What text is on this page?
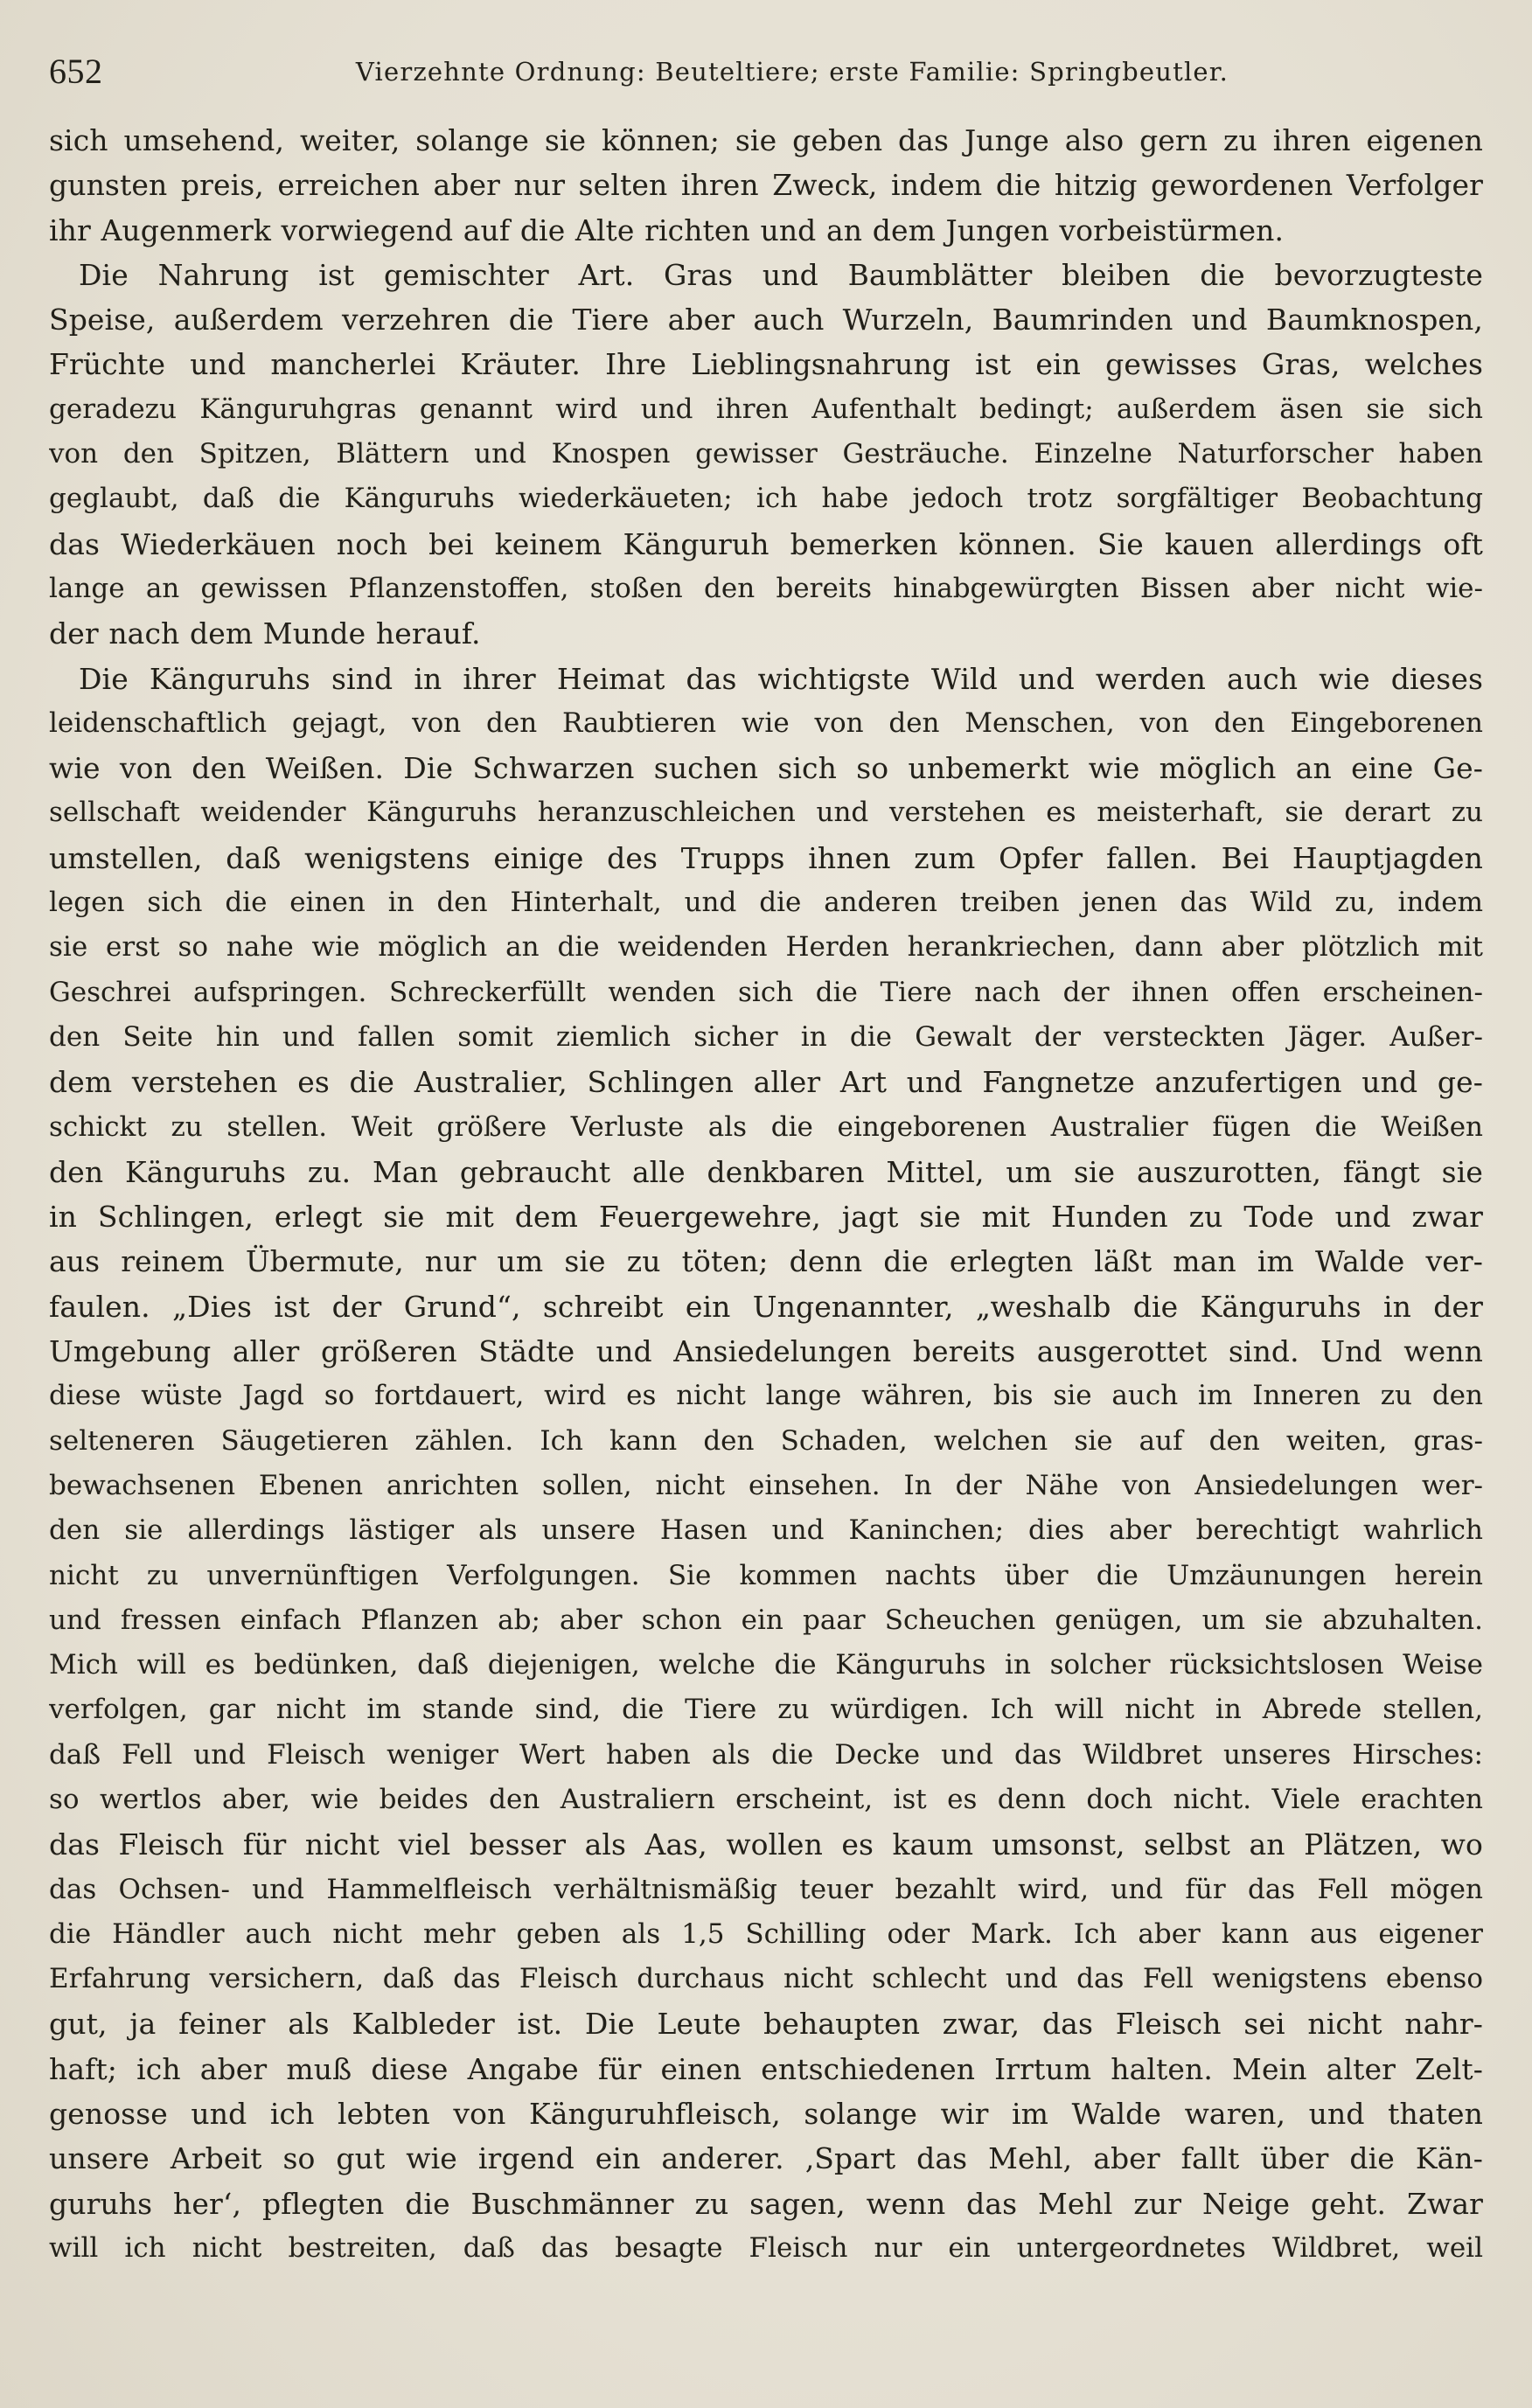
652	Vierzehnte Ordnung: Beuteltiere; erste Familie: Springbeutler.
sich umsehend, weiter, solange sie können; sie geben das Junge also gern zu ihren eigenen
gunsten preis, erreichen aber nur selten ihren Zweck, indem die hitzig gewordenen Verfolger
ihr Augenmerk vorwiegend auf die Alte richten und an dem Jungen vorbeistürmen.
Die Nahrung ist gemischter Art. Gras und Baumblätter bleiben die bevorzugteste
Speise, außerdem verzehren die Tiere aber auch Wurzeln, Baumrinden und Baumknospen,
Früchte und mancherlei Kräuter. Ihre Lieblingsnahrung ist ein gewisses Gras, welches
geradezu Känguruhgras genannt wird und ihren Aufenthalt bedingt; außerdem äsen sie sich
von den Spitzen, Blättern und Knospen gewisser Gesträuche. Einzelne Naturforscher haben
geglaubt, daß die Känguruhs wiederkäueten; ich habe jedoch trotz sorgfältiger Beobachtung
das Wiederkäuen noch bei keinem Känguruh bemerken können. Sie kauen allerdings oft
lange an gewissen Pflanzenstoffen, stoßen den bereits hinabgewürgten Bissen aber nicht wie-
der nach dem Munde herauf.
Die Känguruhs sind in ihrer Heimat das wichtigste Wild und werden auch wie dieses
leidenschaftlich gejagt, von den Raubtieren wie von den Menschen, von den Eingeborenen
wie von den Weißen. Die Schwarzen suchen sich so unbemerkt wie möglich an eine Ge-
sellschaft weidender Känguruhs heranzuschleichen und verstehen es meisterhaft, sie derart zu
umstellen, daß wenigstens einige des Trupps ihnen zum Opfer fallen. Bei Hauptjagden
legen sich die einen in den Hinterhalt, und die anderen treiben jenen das Wild zu, indem
sie erst so nahe wie möglich an die weidenden Herden herankriechen, dann aber plötzlich mit
Geschrei aufspringen. Schreckerfüllt wenden sich die Tiere nach der ihnen offen erscheinen-
den Seite hin und fallen somit ziemlich sicher in die Gewalt der versteckten Jäger. Außer-
dem verstehen es die Australier, Schlingen aller Art und Fangnetze anzufertigen und ge-
schickt zu stellen. Weit größere Verluste als die eingeborenen Australier fügen die Weißen
den Känguruhs zu. Man gebraucht alle denkbaren Mittel, um sie auszurotten, fängt sie
in Schlingen, erlegt sie mit dem Feuergewehre, jagt sie mit Hunden zu Tode und zwar
aus reinem Übermute, nur um sie zu töten; denn die erlegten läßt man im Walde ver-
faulen. „Dies ist der Grund“, schreibt ein Ungenannter, „weshalb die Känguruhs in der
Umgebung aller größeren Städte und Ansiedelungen bereits ausgerottet sind. Und wenn
diese wüste Jagd so fortdauert, wird es nicht lange währen, bis sie auch im Inneren zu den
selteneren Säugetieren zählen. Ich kann den Schaden, welchen sie auf den weiten, gras-
bewachsenen Ebenen anrichten sollen, nicht einsehen. In der Nähe von Ansiedelungen wer-
den sie allerdings lästiger als unsere Hasen und Kaninchen; dies aber berechtigt wahrlich
nicht zu unvernünftigen Verfolgungen. Sie kommen nachts über die Umzäunungen herein
und fressen einfach Pflanzen ab; aber schon ein paar Scheuchen genügen, um sie abzuhalten.
Mich will es bedünken, daß diejenigen, welche die Känguruhs in solcher rücksichtslosen Weise
verfolgen, gar nicht im stande sind, die Tiere zu würdigen. Ich will nicht in Abrede stellen,
daß Fell und Fleisch weniger Wert haben als die Decke und das Wildbret unseres Hirsches:
so wertlos aber, wie beides den Australiern erscheint, ist es denn doch nicht. Viele erachten
das Fleisch für nicht viel besser als Aas, wollen es kaum umsonst, selbst an Plätzen, wo
das Ochsen- und Hammelfleisch verhältnismäßig teuer bezahlt wird, und für das Fell mögen
die Händler auch nicht mehr geben als 1,5 Schilling oder Mark. Ich aber kann aus eigener
Erfahrung versichern, daß das Fleisch durchaus nicht schlecht und das Fell wenigstens ebenso
gut, ja feiner als Kalbleder ist. Die Leute behaupten zwar, das Fleisch sei nicht nahr-
haft; ich aber muß diese Angabe für einen entschiedenen Irrtum halten. Mein alter Zelt-
genosse und ich lebten von Känguruhfleisch, solange wir im Walde waren, und thaten
unsere Arbeit so gut wie irgend ein anderer. ‚Spart das Mehl, aber fallt über die Kän-
guruhs her‘, pflegten die Buschmänner zu sagen, wenn das Mehl zur Neige geht. Zwar
will ich nicht bestreiten, daß das besagte Fleisch nur ein untergeordnetes Wildbret, weil
